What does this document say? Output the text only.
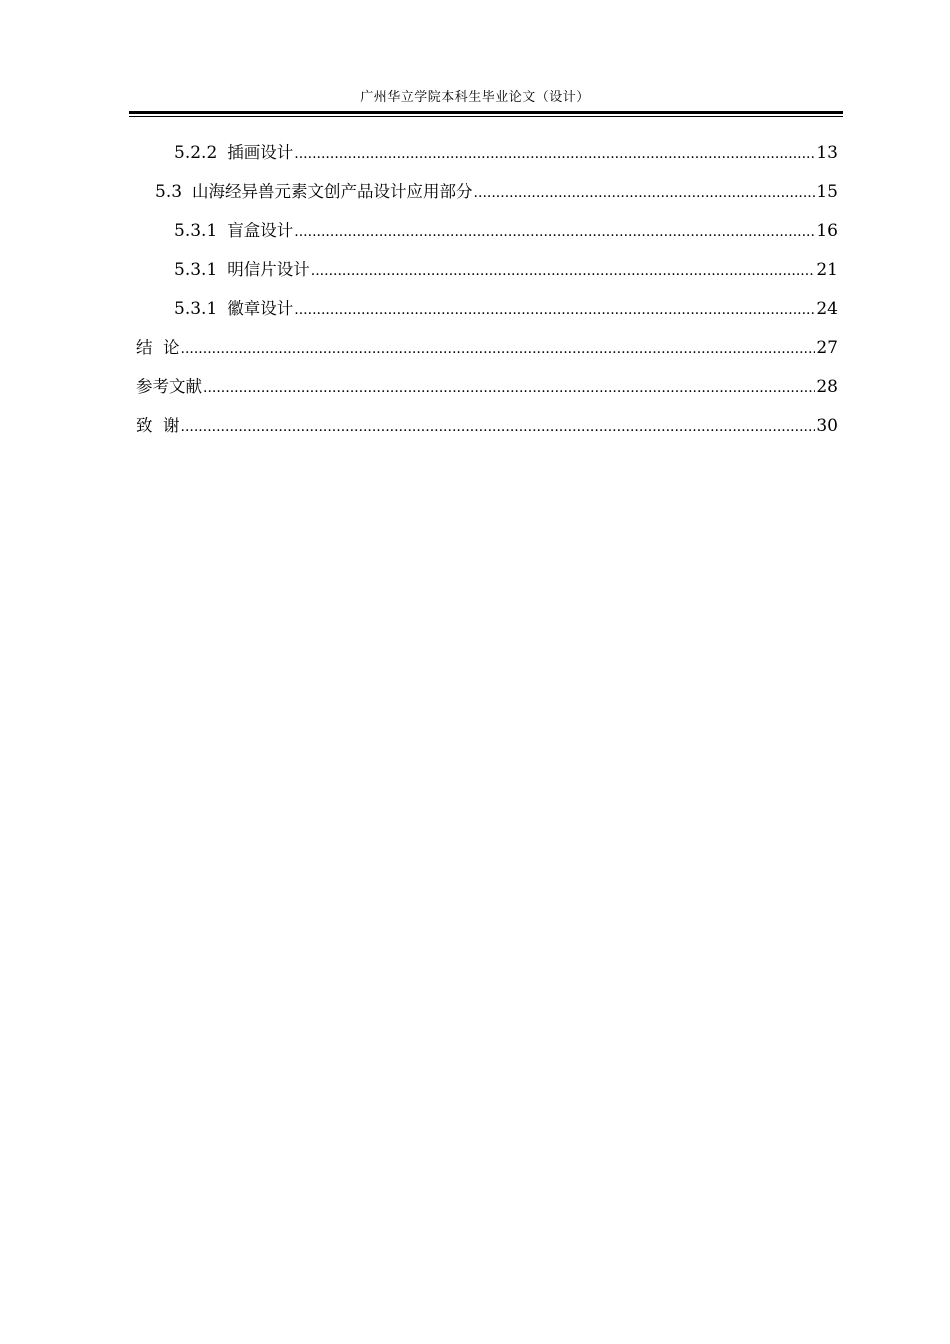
广州华立学院本科生毕业论文（设计）
5.2.2 插画设计 .....	13
5.3 山海经异兽元素文创产品设计应用部分 .....	15
5.3.1 盲盒设计 .....	16
5.3.1 明信片设计 .....	21
5.3.1 徽章设计 .....	24
结  论 .....	27
参考文献 .....	28
致  谢 .....	30
